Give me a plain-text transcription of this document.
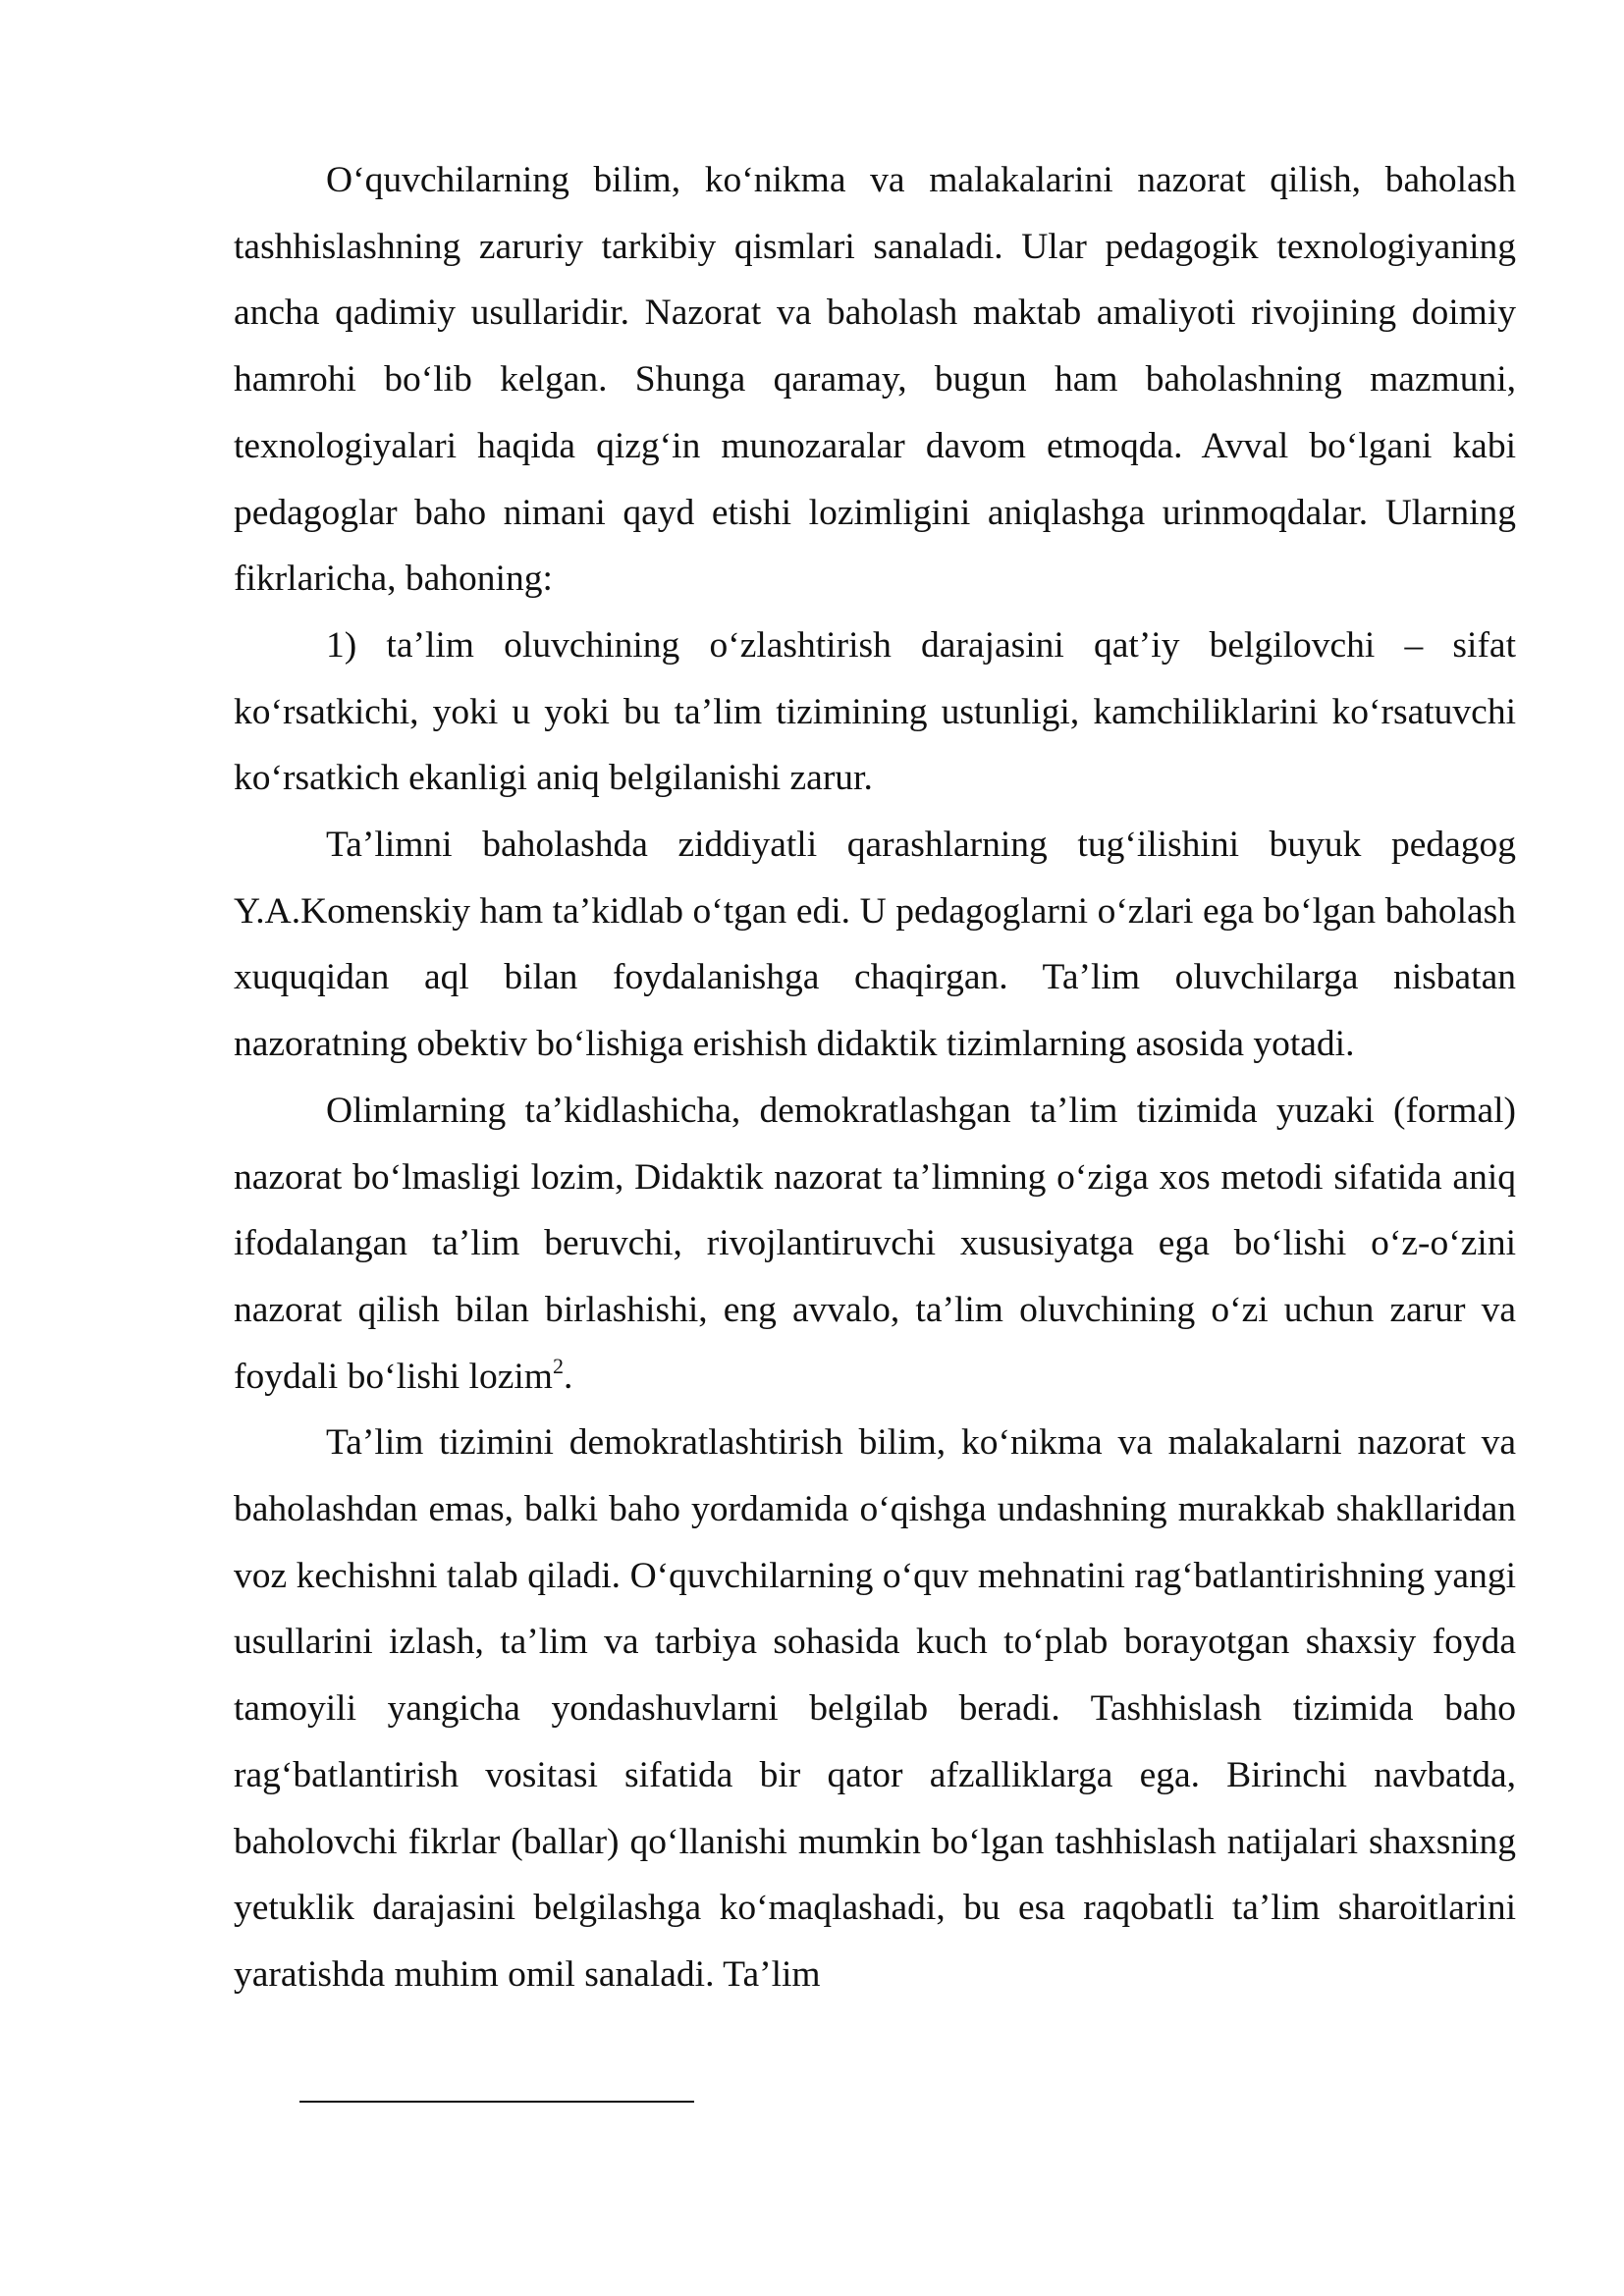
O‘quvchilarning bilim, ko‘nikma va malakalarini nazorat qilish, baholash tashhislashning zaruriy tarkibiy qismlari sanaladi. Ular pedagogik texnologiyaning ancha qadimiy usullaridir. Nazorat va baholash maktab amaliyoti rivojining doimiy hamrohi bo‘lib kelgan. Shunga qaramay, bugun ham baholashning mazmuni, texnologiyalari haqida qizg‘in munozaralar davom etmoqda. Avval bo‘lgani kabi pedagoglar baho nimani qayd etishi lozimligini aniqlashga urinmoqdalar. Ularning fikrlaricha, bahoning:

1) ta’lim oluvchining o‘zlashtirish darajasini qat’iy belgilovchi – sifat ko‘rsatkichi, yoki u yoki bu ta’lim tizimining ustunligi, kamchiliklarini ko‘rsatuvchi ko‘rsatkich ekanligi aniq belgilanishi zarur.

Ta’limni baholashda ziddiyatli qarashlarning tug‘ilishini buyuk pedagog Y.A.Komenskiy ham ta’kidlab o‘tgan edi. U pedagoglarni o‘zlari ega bo‘lgan baholash xuquqidan aql bilan foydalanishga chaqirgan. Ta’lim oluvchilarga nisbatan nazoratning obektiv bo‘lishiga erishish didaktik tizimlarning asosida yotadi.

Olimlarning ta’kidlashicha, demokratlashgan ta’lim tizimida yuzaki (formal) nazorat bo‘lmasligi lozim, Didaktik nazorat ta’limning o‘ziga xos metodi sifatida aniq ifodalangan ta’lim beruvchi, rivojlantiruvchi xususiyatga ega bo‘lishi o‘z-o‘zini nazorat qilish bilan birlashishi, eng avvalo, ta’lim oluvchining o‘zi uchun zarur va foydali bo‘lishi lozim$^2$.

Ta’lim tizimini demokratlashtirish bilim, ko‘nikma va malakalarni nazorat va baholashdan emas, balki baho yordamida o‘qishga undashning murakkab shakllaridan voz kechishni talab qiladi. O‘quvchilarning o‘quv mehnatini rag‘batlantirishning yangi usullarini izlash, ta’lim va tarbiya sohasida kuch to‘plab borayotgan shaxsiy foyda tamoyili yangicha yondashuvlarni belgilab beradi. Tashhislash tizimida baho rag‘batlantirish vositasi sifatida bir qator afzalliklarga ega. Birinchi navbatda, baholovchi fikrlar (ballar) qo‘llanishi mumkin bo‘lgan tashhislash natijalari shaxsning yetuklik darajasini belgilashga ko‘maqlashadi, bu esa raqobatli ta’lim sharoitlarini yaratishda muhim omil sanaladi. Ta’lim
